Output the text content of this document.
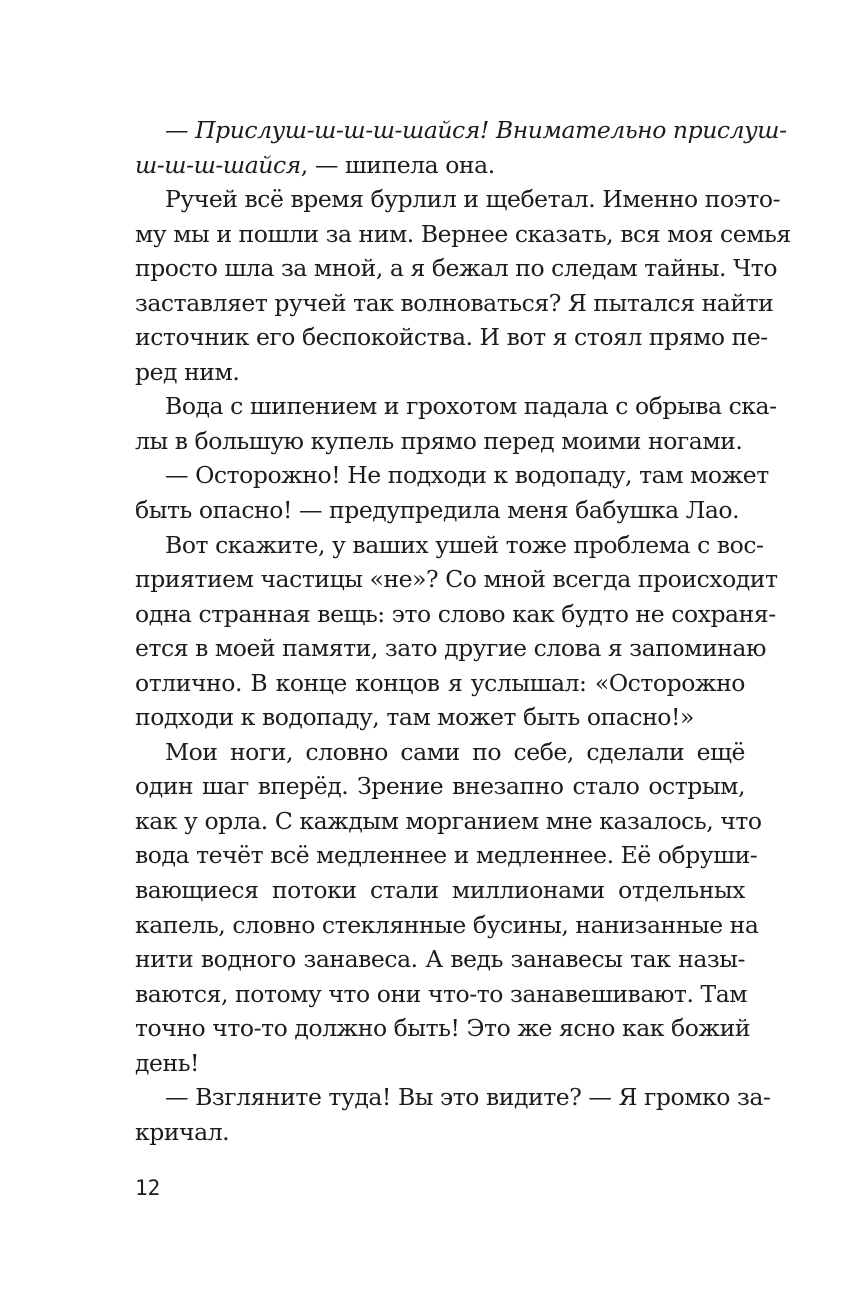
— Прислуш-ш-ш-ш-шайся! Внимательно прислуш-
ш-ш-ш-шайся, — шипела она.
Ручей всё время бурлил и щебетал. Именно поэто-
му мы и пошли за ним. Вернее сказать, вся моя семья
просто шла за мной, а я бежал по следам тайны. Что
заставляет ручей так волноваться? Я пытался найти
источник его беспокойства. И вот я стоял прямо пе-
ред ним.
Вода с шипением и грохотом падала с обрыва ска-
лы в большую купель прямо перед моими ногами.
— Осторожно! Не подходи к водопаду, там может
быть опасно! — предупредила меня бабушка Лао.
Вот скажите, у ваших ушей тоже проблема с вос-
приятием частицы «не»? Со мной всегда происходит
одна странная вещь: это слово как будто не сохраня-
ется в моей памяти, зато другие слова я запоминаю
отлично. В конце концов я услышал: «Осторожно
подходи к водопаду, там может быть опасно!»
Мои ноги, словно сами по себе, сделали ещё
один шаг вперёд. Зрение внезапно стало острым,
как у орла. С каждым морганием мне казалось, что
вода течёт всё медленнее и медленнее. Её обруши-
вающиеся потоки стали миллионами отдельных
капель, словно стеклянные бусины, нанизанные на
нити водного занавеса. А ведь занавесы так назы-
ваются, потому что они что-то занавешивают. Там
точно что-то должно быть! Это же ясно как божий
день!
— Взгляните туда! Вы это видите? — Я громко за-
кричал.
12
